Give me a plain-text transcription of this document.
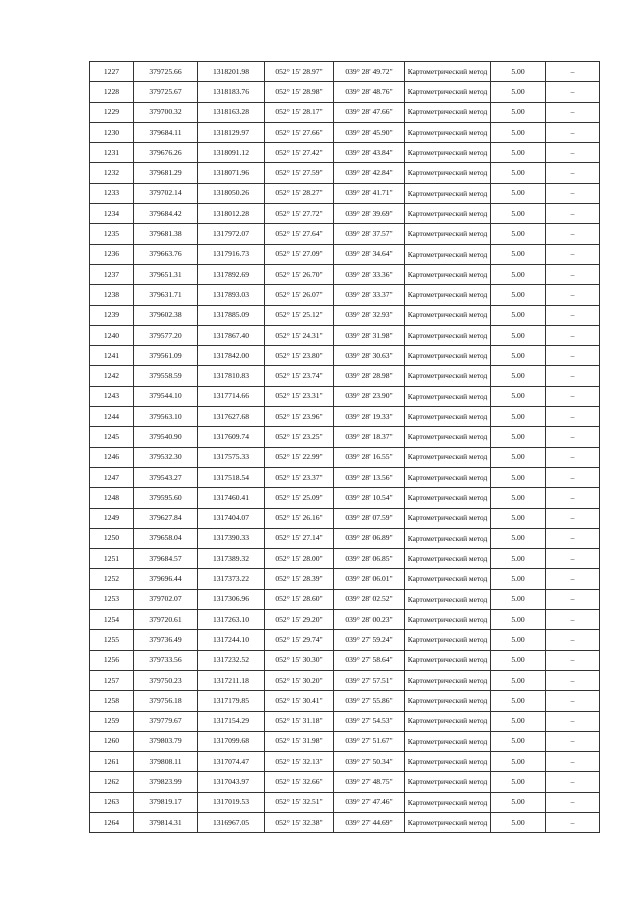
1227	379725.66	1318201.98	052° 15' 28.97"	039° 28' 49.72"	Картометрический метод	5.00	–
1228	379725.67	1318183.76	052° 15' 28.98"	039° 28' 48.76"	Картометрический метод	5.00	–
1229	379700.32	1318163.28	052° 15' 28.17"	039° 28' 47.66"	Картометрический метод	5.00	–
1230	379684.11	1318129.97	052° 15' 27.66"	039° 28' 45.90"	Картометрический метод	5.00	–
1231	379676.26	1318091.12	052° 15' 27.42"	039° 28' 43.84"	Картометрический метод	5.00	–
1232	379681.29	1318071.96	052° 15' 27.59"	039° 28' 42.84"	Картометрический метод	5.00	–
1233	379702.14	1318050.26	052° 15' 28.27"	039° 28' 41.71"	Картометрический метод	5.00	–
1234	379684.42	1318012.28	052° 15' 27.72"	039° 28' 39.69"	Картометрический метод	5.00	–
1235	379681.38	1317972.07	052° 15' 27.64"	039° 28' 37.57"	Картометрический метод	5.00	–
1236	379663.76	1317916.73	052° 15' 27.09"	039° 28' 34.64"	Картометрический метод	5.00	–
1237	379651.31	1317892.69	052° 15' 26.70"	039° 28' 33.36"	Картометрический метод	5.00	–
1238	379631.71	1317893.03	052° 15' 26.07"	039° 28' 33.37"	Картометрический метод	5.00	–
1239	379602.38	1317885.09	052° 15' 25.12"	039° 28' 32.93"	Картометрический метод	5.00	–
1240	379577.20	1317867.40	052° 15' 24.31"	039° 28' 31.98"	Картометрический метод	5.00	–
1241	379561.09	1317842.00	052° 15' 23.80"	039° 28' 30.63"	Картометрический метод	5.00	–
1242	379558.59	1317810.83	052° 15' 23.74"	039° 28' 28.98"	Картометрический метод	5.00	–
1243	379544.10	1317714.66	052° 15' 23.31"	039° 28' 23.90"	Картометрический метод	5.00	–
1244	379563.10	1317627.68	052° 15' 23.96"	039° 28' 19.33"	Картометрический метод	5.00	–
1245	379540.90	1317609.74	052° 15' 23.25"	039° 28' 18.37"	Картометрический метод	5.00	–
1246	379532.30	1317575.33	052° 15' 22.99"	039° 28' 16.55"	Картометрический метод	5.00	–
1247	379543.27	1317518.54	052° 15' 23.37"	039° 28' 13.56"	Картометрический метод	5.00	–
1248	379595.60	1317460.41	052° 15' 25.09"	039° 28' 10.54"	Картометрический метод	5.00	–
1249	379627.84	1317404.07	052° 15' 26.16"	039° 28' 07.59"	Картометрический метод	5.00	–
1250	379658.04	1317390.33	052° 15' 27.14"	039° 28' 06.89"	Картометрический метод	5.00	–
1251	379684.57	1317389.32	052° 15' 28.00"	039° 28' 06.85"	Картометрический метод	5.00	–
1252	379696.44	1317373.22	052° 15' 28.39"	039° 28' 06.01"	Картометрический метод	5.00	–
1253	379702.07	1317306.96	052° 15' 28.60"	039° 28' 02.52"	Картометрический метод	5.00	–
1254	379720.61	1317263.10	052° 15' 29.20"	039° 28' 00.23"	Картометрический метод	5.00	–
1255	379736.49	1317244.10	052° 15' 29.74"	039° 27' 59.24"	Картометрический метод	5.00	–
1256	379733.56	1317232.52	052° 15' 30.30"	039° 27' 58.64"	Картометрический метод	5.00	–
1257	379750.23	1317211.18	052° 15' 30.20"	039° 27' 57.51"	Картометрический метод	5.00	–
1258	379756.18	1317179.85	052° 15' 30.41"	039° 27' 55.86"	Картометрический метод	5.00	–
1259	379779.67	1317154.29	052° 15' 31.18"	039° 27' 54.53"	Картометрический метод	5.00	–
1260	379803.79	1317099.68	052° 15' 31.98"	039° 27' 51.67"	Картометрический метод	5.00	–
1261	379808.11	1317074.47	052° 15' 32.13"	039° 27' 50.34"	Картометрический метод	5.00	–
1262	379823.99	1317043.97	052° 15' 32.66"	039° 27' 48.75"	Картометрический метод	5.00	–
1263	379819.17	1317019.53	052° 15' 32.51"	039° 27' 47.46"	Картометрический метод	5.00	–
1264	379814.31	1316967.05	052° 15' 32.38"	039° 27' 44.69"	Картометрический метод	5.00	–
